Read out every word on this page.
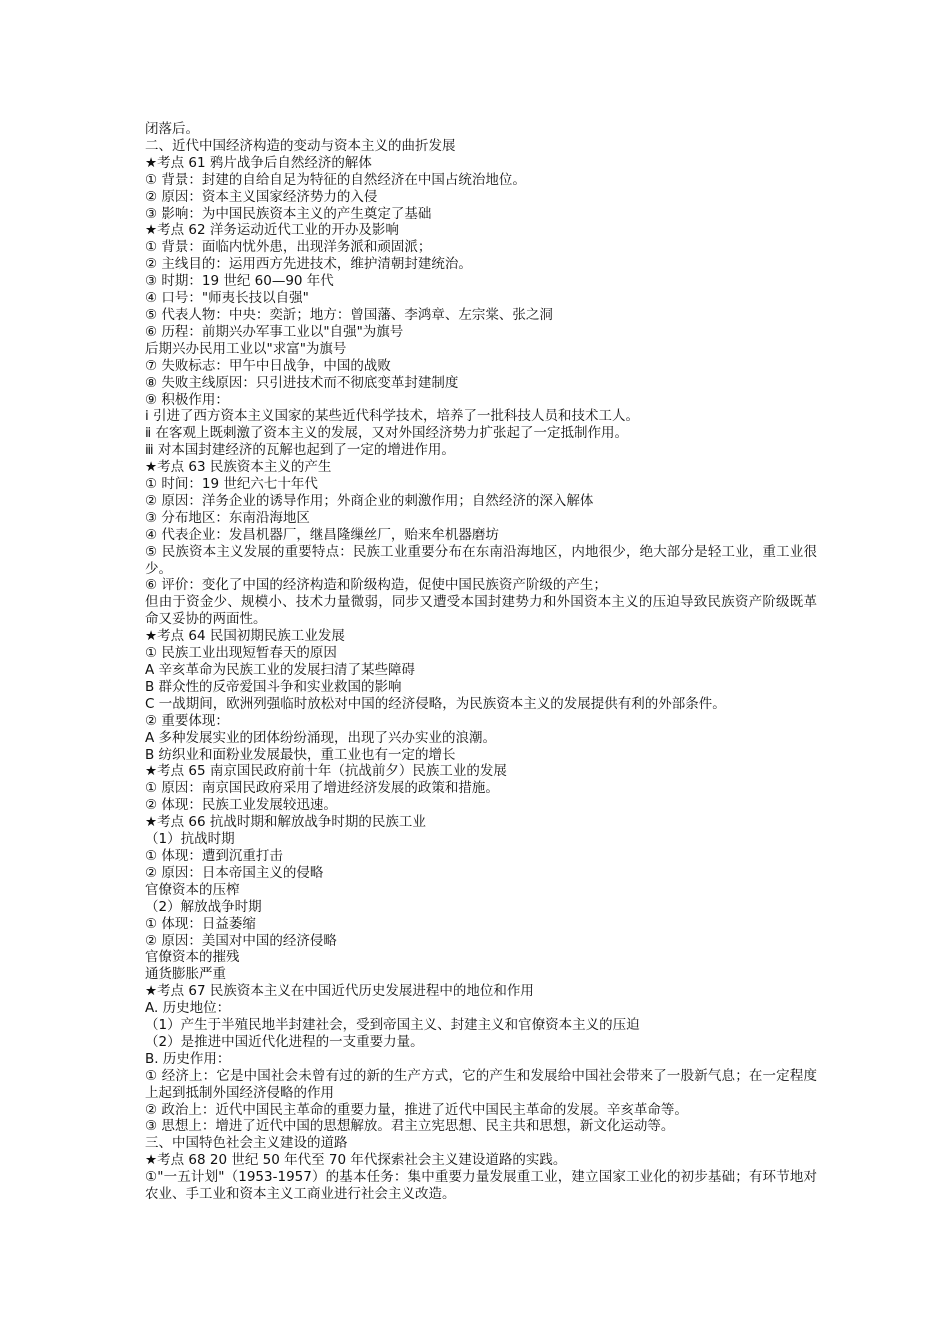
闭落后。
二、近代中国经济构造的变动与资本主义的曲折发展
★考点 61 鸦片战争后自然经济的解体
① 背景：封建的自给自足为特征的自然经济在中国占统治地位。
② 原因：资本主义国家经济势力的入侵
③ 影响：为中国民族资本主义的产生奠定了基础
★考点 62 洋务运动近代工业的开办及影响
① 背景：面临内忧外患，出现洋务派和顽固派；
② 主线目的：运用西方先进技术，维护清朝封建统治。
③ 时期：19 世纪 60—90 年代
④ 口号："师夷长技以自强"
⑤ 代表人物：中央：奕訢；地方：曾国藩、李鸿章、左宗棠、张之洞
⑥ 历程：前期兴办军事工业以"自强"为旗号
后期兴办民用工业以"求富"为旗号
⑦ 失败标志：甲午中日战争，中国的战败
⑧ 失败主线原因：只引进技术而不彻底变革封建制度
⑨ 积极作用：
ⅰ 引进了西方资本主义国家的某些近代科学技术，培养了一批科技人员和技术工人。
ⅱ 在客观上既刺激了资本主义的发展，又对外国经济势力扩张起了一定抵制作用。
ⅲ 对本国封建经济的瓦解也起到了一定的增进作用。
★考点 63 民族资本主义的产生
① 时间：19 世纪六七十年代
② 原因：洋务企业的诱导作用；外商企业的刺激作用；自然经济的深入解体
③ 分布地区：东南沿海地区
④ 代表企业：发昌机器厂，继昌隆缫丝厂，贻来牟机器磨坊
⑤ 民族资本主义发展的重要特点：民族工业重要分布在东南沿海地区，内地很少，绝大部分是轻工业，重工业很少。
⑥ 评价：变化了中国的经济构造和阶级构造，促使中国民族资产阶级的产生；
但由于资金少、规模小、技术力量微弱，同步又遭受本国封建势力和外国资本主义的压迫导致民族资产阶级既革命又妥协的两面性。
★考点 64 民国初期民族工业发展
① 民族工业出现短暂春天的原因
A 辛亥革命为民族工业的发展扫清了某些障碍
B 群众性的反帝爱国斗争和实业救国的影响
C 一战期间，欧洲列强临时放松对中国的经济侵略，为民族资本主义的发展提供有利的外部条件。
② 重要体现：
A 多种发展实业的团体纷纷涌现，出现了兴办实业的浪潮。
B 纺织业和面粉业发展最快，重工业也有一定的增长
★考点 65 南京国民政府前十年（抗战前夕）民族工业的发展
① 原因：南京国民政府采用了增进经济发展的政策和措施。
② 体现：民族工业发展较迅速。
★考点 66 抗战时期和解放战争时期的民族工业
（1）抗战时期
① 体现：遭到沉重打击
② 原因：日本帝国主义的侵略
官僚资本的压榨
（2）解放战争时期
① 体现：日益萎缩
② 原因：美国对中国的经济侵略
官僚资本的摧残
通货膨胀严重
★考点 67 民族资本主义在中国近代历史发展进程中的地位和作用
A. 历史地位：
（1）产生于半殖民地半封建社会，受到帝国主义、封建主义和官僚资本主义的压迫
（2）是推进中国近代化进程的一支重要力量。
B. 历史作用：
① 经济上：它是中国社会未曾有过的新的生产方式，它的产生和发展给中国社会带来了一股新气息；在一定程度上起到抵制外国经济侵略的作用
② 政治上：近代中国民主革命的重要力量，推进了近代中国民主革命的发展。辛亥革命等。
③ 思想上：增进了近代中国的思想解放。君主立宪思想、民主共和思想，新文化运动等。
三、中国特色社会主义建设的道路
★考点 68 20 世纪 50 年代至 70 年代探索社会主义建设道路的实践。
①"一五计划"（1953-1957）的基本任务：集中重要力量发展重工业，建立国家工业化的初步基础；有环节地对农业、手工业和资本主义工商业进行社会主义改造。
